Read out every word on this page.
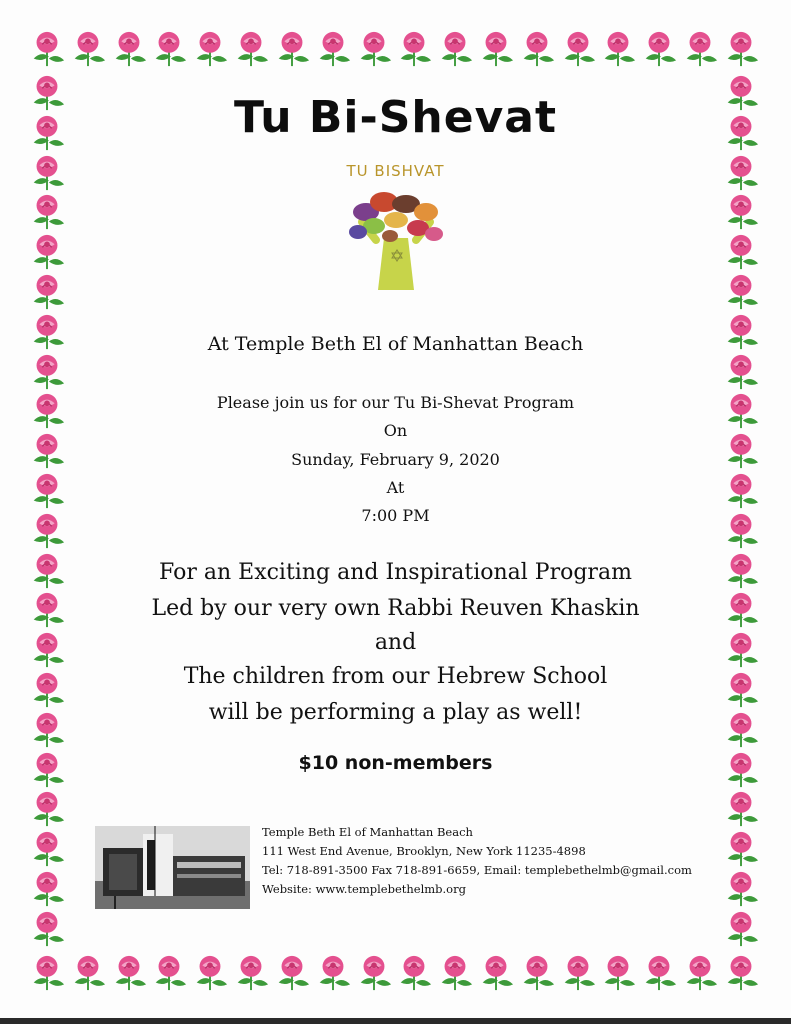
Tu Bi-Shevat
TU BISHVAT
At Temple Beth El of Manhattan Beach
Please join us for our Tu Bi-Shevat Program
On
Sunday, February 9, 2020
At
7:00 PM
For an Exciting and Inspirational Program
Led by our very own Rabbi Reuven Khaskin
and
The children from our Hebrew School
will be performing a play as well!
$10 non-members
Temple Beth El of Manhattan Beach
111 West End Avenue, Brooklyn, New York 11235-4898
Tel: 718-891-3500 Fax 718-891-6659, Email: templebethelmb@gmail.com
Website: www.templebethelmb.org
